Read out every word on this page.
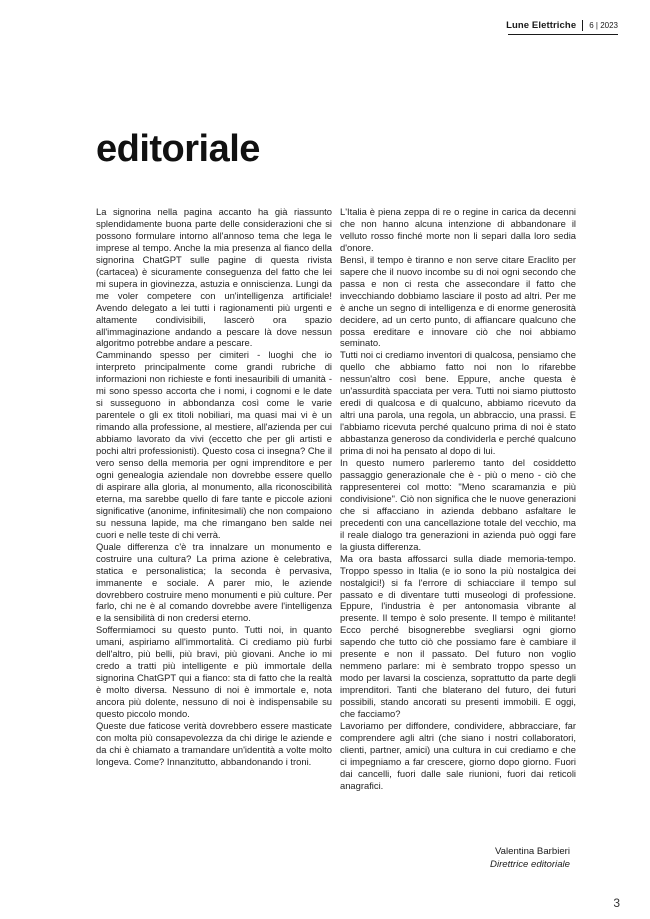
Lune Elettriche 6 | 2023
editoriale

La signorina nella pagina accanto ha già riassunto splendidamente buona parte delle considerazioni che si possono formulare intorno all'annoso tema che lega le imprese al tempo. Anche la mia presenza al fianco della signorina ChatGPT sulle pagine di questa rivista (cartacea) è sicuramente conseguenza del fatto che lei mi supera in giovinezza, astuzia e onniscienza. Lungi da me voler competere con un'intelligenza artificiale! Avendo delegato a lei tutti i ragionamenti più urgenti e altamente condivisibili, lascerò ora spazio all'immaginazione andando a pescare là dove nessun algoritmo potrebbe andare a pescare.

Camminando spesso per cimiteri - luoghi che io interpreto principalmente come grandi rubriche di informazioni non richieste e fonti inesauribili di umanità - mi sono spesso accorta che i nomi, i cognomi e le date si susseguono in abbondanza così come le varie parentele o gli ex titoli nobiliari, ma quasi mai vi è un rimando alla professione, al mestiere, all'azienda per cui abbiamo lavorato da vivi (eccetto che per gli artisti e pochi altri professionisti). Questo cosa ci insegna? Che il vero senso della memoria per ogni imprenditore e per ogni genealogia aziendale non dovrebbe essere quello di aspirare alla gloria, al monumento, alla riconoscibilità eterna, ma sarebbe quello di fare tante e piccole azioni significative (anonime, infinitesimali) che non compaiono su nessuna lapide, ma che rimangano ben salde nei cuori e nelle teste di chi verrà.

Quale differenza c'è tra innalzare un monumento e costruire una cultura? La prima azione è celebrativa, statica e personalistica; la seconda è pervasiva, immanente e sociale. A parer mio, le aziende dovrebbero costruire meno monumenti e più culture. Per farlo, chi ne è al comando dovrebbe avere l'intelligenza e la sensibilità di non credersi eterno.

Soffermiamoci su questo punto. Tutti noi, in quanto umani, aspiriamo all'immortalità. Ci crediamo più furbi dell'altro, più belli, più bravi, più giovani. Anche io mi credo a tratti più intelligente e più immortale della signorina ChatGPT qui a fianco: sta di fatto che la realtà è molto diversa. Nessuno di noi è immortale e, nota ancora più dolente, nessuno di noi è indispensabile su questo piccolo mondo.

Queste due faticose verità dovrebbero essere masticate con molta più consapevolezza da chi dirige le aziende e da chi è chiamato a tramandare un'identità a volte molto longeva. Come? Innanzitutto, abbandonando i troni.

L'Italia è piena zeppa di re o regine in carica da decenni che non hanno alcuna intenzione di abbandonare il velluto rosso finché morte non li separi dalla loro sedia d'onore.

Bensì, il tempo è tiranno e non serve citare Eraclito per sapere che il nuovo incombe su di noi ogni secondo che passa e non ci resta che assecondare il fatto che invecchiando dobbiamo lasciare il posto ad altri. Per me è anche un segno di intelligenza e di enorme generosità decidere, ad un certo punto, di affiancare qualcuno che possa ereditare e innovare ciò che noi abbiamo seminato.

Tutti noi ci crediamo inventori di qualcosa, pensiamo che quello che abbiamo fatto noi non lo rifarebbe nessun'altro così bene. Eppure, anche questa è un'assurdità spacciata per vera. Tutti noi siamo piuttosto eredi di qualcosa e di qualcuno, abbiamo ricevuto da altri una parola, una regola, un abbraccio, una prassi. E l'abbiamo ricevuta perché qualcuno prima di noi è stato abbastanza generoso da condividerla e perché qualcuno prima di noi ha pensato al dopo di lui.

In questo numero parleremo tanto del cosiddetto passaggio generazionale che è - più o meno - ciò che rappresenterei col motto: "Meno scaramanzia e più condivisione". Ciò non significa che le nuove generazioni che si affacciano in azienda debbano asfaltare le precedenti con una cancellazione totale del vecchio, ma il reale dialogo tra generazioni in azienda può oggi fare la giusta differenza.

Ma ora basta affossarci sulla diade memoria-tempo. Troppo spesso in Italia (e io sono la più nostalgica dei nostalgici!) si fa l'errore di schiacciare il tempo sul passato e di diventare tutti museologi di professione. Eppure, l'industria è per antonomasia vibrante al presente. Il tempo è solo presente. Il tempo è militante! Ecco perché bisognerebbe svegliarsi ogni giorno sapendo che tutto ciò che possiamo fare è cambiare il presente e non il passato. Del futuro non voglio nemmeno parlare: mi è sembrato troppo spesso un modo per lavarsi la coscienza, soprattutto da parte degli imprenditori. Tanti che blaterano del futuro, dei futuri possibili, stando ancorati su presenti immobili. E oggi, che facciamo?

Lavoriamo per diffondere, condividere, abbracciare, far comprendere agli altri (che siano i nostri collaboratori, clienti, partner, amici) una cultura in cui crediamo e che ci impegniamo a far crescere, giorno dopo giorno. Fuori dai cancelli, fuori dalle sale riunioni, fuori dai reticoli anagrafici.

Valentina Barbieri
Direttrice editoriale
3
